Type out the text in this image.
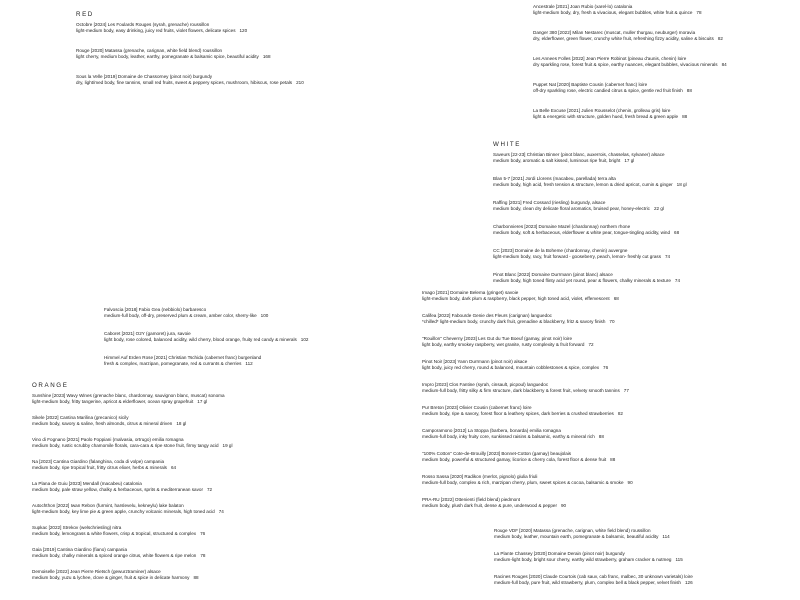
RED
Octobre [2024] Les Foulards Rouges (syrah, grenache) roussillon
light-medium body, easy drinking, juicy red fruits, violet flowers, delicate spices 120
Rouge [2020] Matassa (grenache, carignan, white field blend) roussillon
light cherry, medium body, leather, earthy, pomegranate & balsamic spice, beautiful acidity 168
Sous la Velle [2019] Domaine de Chassorney (pinot noir) burgundy
dry, light/med body, fine tannins, small red fruits, sweet & peppery spices, mushroom, hibiscus, rose petals 210
Falvoscia [2018] Fabio Gea (nebbiolo) barbaresco
medium-full body, off-dry, preserved plum & cream, amber color, sherry-like 100
Caboret [2021] O2Y (gamoret) jura, savoie
light body, rose colored, balanced acidity, wild cherry, blood orange, fruity red candy & minerals 102
Himmel Auf Erden Rose [2021] Christian Tschida (cabernet franc) burgenland
fresh & complex, marzipan, pomegranate, red & currants & cherries 112
ORANGE
Sunshine [2023] Wavy Wines (grenache blanc, chardonnay, sauvignon blanc, muscat) sonoma
light-medium body, fritty tangerine, apricot & elderflower, ocean spray grapefruit 17 gl
Sikele [2022] Cantina Marilina (grecanico) sicily
medium body, savory & saline, fresh almonds, citrus & mineral driven 18 gl
Vino di Fognano [2021] Paolo Foppiani (malvasia, ortrugo) emilia romagna
medium body, rustic scrubby chamomile florals, cara-cara & ripe stone fruit, firmy tangy acid 19 gl
Na [2023] Cantina Giardino (falanghina, coda di volpe) campania
medium body, ripe tropical fruit, fritty citrus elixer, herbs & minerals 64
La Plana de Guiu [2023] Mendall (macabeu) catalonia
medium body, pale straw yellow, chalky & herbaceous, sprits & mediterranean savor 72
Autochthon [2022] Iwan Rebon (furmint, harslevelu, kekneylu) lake balaton
light-medium body, key lime pie & green apple, crunchy volcanic minerals, high toned acid 74
Supkac [2022] Strekov (welschriesling) nitra
medium body, lemongrass & white flowers, crisp & tropical, structured & complex 76
Gaia [2019] Cantina Giardino (fiano) campania
medium body, chalky minerals & spiced orange citrus, white flowers & ripe melon 78
Demoiselle [2022] Jean Pierre Rietsch (gewurztraminer) alsace
medium body, yuzu & lychee, clove & ginger, fruit & spice in delicate harmony 88
Ancestrale [2021] Joan Rubio (xarel-lo) catalonia
light-medium body, dry, fresh & vivacious, elegant bubbles, white fruit & quince 78
Danger 380 [2022] Milan Nestarec (muscat, muller thurgau, neuburger) moravia
dry, elderflower, green flower, crunchy white fruit, refreshing fizzy acidity, saline & biscuits 82
Les Annees Folles [2022] Jean Pierre Robinot (pineau d'aunis, chenin) loire
dry sparkling rose, forest fruit & spice, earthy nuances, elegant bubbles, vivacious minerals 84
Puppet Nat [2020] Baptiste Cousin (cabernet franc) loire
off-dry sparkling rose, electric candied citrus & spice, gentle red fruit finish 88
La Belle Excuse [2021] Julien Rousselot (chenin, grolleau gris) loire
light & energetic with structure, golden hued, fresh bread & green apple 88
WHITE
Saveurs [22-23] Christian Binner (pinot blanc, auxerrois, chasselas, sylvaner) alsace
medium body, aromatic & salt kissed, luminous ripe fruit, bright 17 gl
Blan 5-7 [2021] Jordi Llorens (macabeu, parellada) terra alta
medium body, high acid, fresh tension & structure, lemon & dried apricot, cumin & ginger 18 gl
Raffing [2021] Fred Cossard (riesling) burgundy, alsace
medium body, clean dry delicate floral aromatics, bruised pear, honey-electric 22 gl
Charbonnieres [2023] Domaine Mazel (chardonnay) northern rhone
medium body, soft & herbaceous, elderflower & white pear, tongue-tingling acidity, wind 68
CC [2023] Domaine de la Boheme (chardonnay, chenin) auvergne
light-medium body, racy, fruit forward - gooseberry, peach, lemon- freshly cut grass 74
Pinot Blanc [2022] Domaine Durrmann (pinot blanc) alsace
medium body, high toned flinty acid yet round, pear & flowers, chalky minerals & texture 74
Imago [2021] Domaine Belema (gringet) savoie
light-medium body, dark plum & raspberry, black pepper, high toned acid, violet, effervescent 68
Califea [2022] Fabourde Genie des Fleurs (carignan) languedoc
*chilled* light-medium body, crunchy dark fruit, grenadine & blackberry, fritz & savory finish 70
"Rouillon" Cheverny [2023] Les Gut du Tue Boeuf (gamay, pinot noir) loire
light body, earthy smokey raspberry, wet granite, rusty complexity & fruit forward 72
Pinot Noir [2023] Yann Durrmann (pinot noir) alsace
light body, juicy red cherry, round & balanced, mountain cobblestones & spice, complex 76
Impro [2023] Clos Fantine (syrah, cinsault, picpoul) languedoc
medium-full body, fritty silky & firm structure, dark blackberry & forest fruit, velvety smooth tannins 77
Pur Breton [2023] Olivier Cousin (cabernet franc) loire
medium body, ripe & savory, forest floor & leathery spices, dark berries & crushed strawberries 82
Camporamono [2012] La Stoppa (barbera, bonarda) emilia romagna
medium-full body, inky fruity core, sunkissed raisins & balsamic, earthy & mineral rich 88
"100% Cotton" Cote-de-Brouilly [2023] Bonnet-Cotton (gamay) beaujolais
medium body, powerful & structured gamay, licorice & cherry cola, forest floor & dense fruit 88
Rosso Sassa [2020] Radikon (merlot, pignolo) giulia friuli
medium-full body, complex & rich, marzipan cherry, plum, sweet spices & cocoa, balsamic & smoke 90
PRA-RU [2022] Ottenienti (field blend) piedmont
medium body, plush dark fruit, dense & pure, underwood & pepper 90
Rouge VDF [2020] Matassa (grenache, carignan, white field blend) roussillon
medium body, leather, mountain earth, pomegranate & balsamic, beautiful acidity 114
La Plante Chassey [2020] Domaine Derain (pinot noir) burgundy
medium-light body, bright sour cherry, earthy wild strawberry, graham cracker & nutmeg 115
Racines Rouges [2020] Claude Courtois (cab sauv, cab franc, malbec, 30 unknown varietals) loire
medium-full body, pure fruit, wild strawberry, plum, complex bell & black pepper, velvet finish 126
